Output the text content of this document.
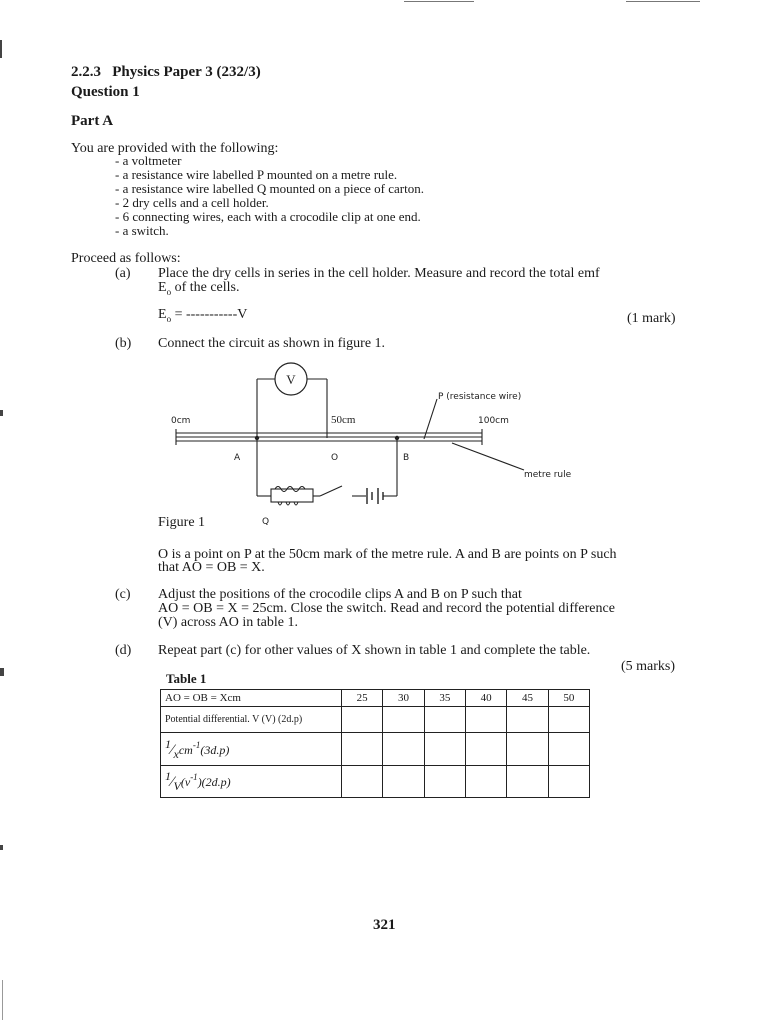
2.2.3 Physics Paper 3 (232/3)
Question 1
Part A
You are provided with the following:
- a voltmeter
- a resistance wire labelled P mounted on a metre rule.
- a resistance wire labelled Q mounted on a piece of carton.
- 2 dry cells and a cell holder.
- 6 connecting wires, each with a crocodile clip at one end.
- a switch.
Proceed as follows:
(a) Place the dry cells in series in the cell holder. Measure and record the total emf
$E_o$ of the cells.
$E_o = -----------V$	(1 mark)
(b) Connect the circuit as shown in figure 1.
V
P (resistance wire)
0cm	50cm	100cm
A	O	B
metre rule
Q
Figure 1
O is a point on P at the 50cm mark of the metre rule. A and B are points on P such
that AO = OB = X.
(c) Adjust the positions of the crocodile clips A and B on P such that
AO = OB = X = 25cm. Close the switch. Read and record the potential difference
(V) across AO in table 1.
(d) Repeat part (c) for other values of X shown in table 1 and complete the table.
(5 marks)
Table 1
AO = OB = Xcm	25	30	35	40	45	50
Potential differential. V (V) (2d.p)						
$^1⁄_xcm^{-1}(3d.p)$						
$^1⁄_V(v^{-1})(2d.p)$						
321
